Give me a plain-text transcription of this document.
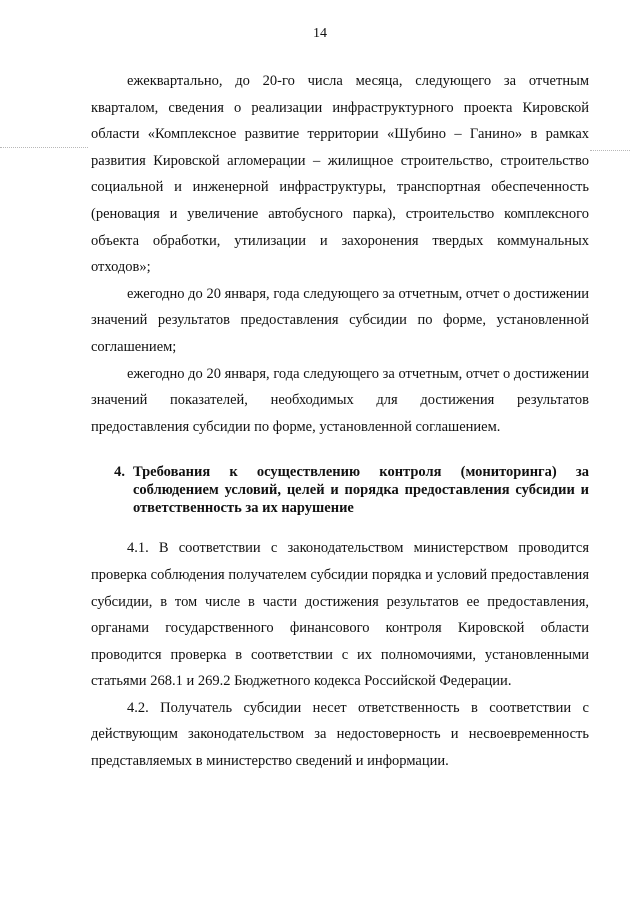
14

ежеквартально, до 20-го числа месяца, следующего за отчетным кварталом, сведения о реализации инфраструктурного проекта Кировской области «Комплексное развитие территории «Шубино – Ганино» в рамках развития Кировской агломерации – жилищное строительство, строительство социальной и инженерной инфраструктуры, транспортная обеспеченность (реновация и увеличение автобусного парка), строительство комплексного объекта обработки, утилизации и захоронения твердых коммунальных отходов»;

ежегодно до 20 января, года следующего за отчетным, отчет о достижении значений результатов предоставления субсидии по форме, установленной соглашением;

ежегодно до 20 января, года следующего за отчетным, отчет о достижении значений показателей, необходимых для достижения результатов предоставления субсидии по форме, установленной соглашением.

4. Требования к осуществлению контроля (мониторинга) за соблюдением условий, целей и порядка предоставления субсидии и ответственность за их нарушение

4.1. В соответствии с законодательством министерством проводится проверка соблюдения получателем субсидии порядка и условий предоставления субсидии, в том числе в части достижения результатов ее предоставления, органами государственного финансового контроля Кировской области проводится проверка в соответствии с их полномочиями, установленными статьями 268.1 и 269.2 Бюджетного кодекса Российской Федерации.

4.2. Получатель субсидии несет ответственность в соответствии с действующим законодательством за недостоверность и несвоевременность представляемых в министерство сведений и информации.
